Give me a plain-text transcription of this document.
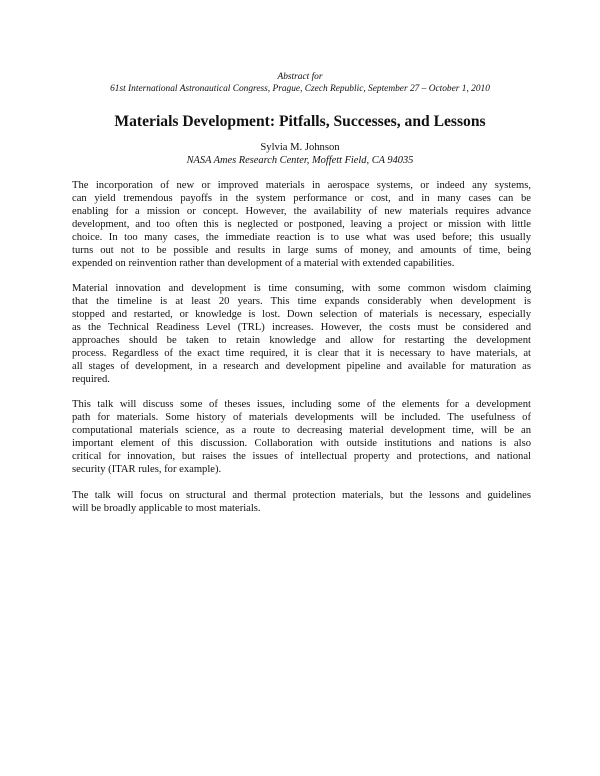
Abstract for
61st International Astronautical Congress, Prague, Czech Republic, September 27 – October 1, 2010
Materials Development: Pitfalls, Successes, and Lessons
Sylvia M. Johnson
NASA Ames Research Center, Moffett Field, CA 94035
The incorporation of new or improved materials in aerospace systems, or indeed any systems,
can yield tremendous payoffs in the system performance or cost, and in many cases can be
enabling for a mission or concept. However, the availability of new materials requires advance
development, and too often this is neglected or postponed, leaving a project or mission with little
choice. In too many cases, the immediate reaction is to use what was used before; this usually
turns out not to be possible and results in large sums of money, and amounts of time, being
expended on reinvention rather than development of a material with extended capabilities.
Material innovation and development is time consuming, with some common wisdom claiming
that the timeline is at least 20 years. This time expands considerably when development is
stopped and restarted, or knowledge is lost. Down selection of materials is necessary, especially
as the Technical Readiness Level (TRL) increases. However, the costs must be considered and
approaches should be taken to retain knowledge and allow for restarting the development
process. Regardless of the exact time required, it is clear that it is necessary to have materials, at
all stages of development, in a research and development pipeline and available for maturation as
required.
This talk will discuss some of theses issues, including some of the elements for a development
path for materials. Some history of materials developments will be included. The usefulness of
computational materials science, as a route to decreasing material development time, will be an
important element of this discussion. Collaboration with outside institutions and nations is also
critical for innovation, but raises the issues of intellectual property and protections, and national
security (ITAR rules, for example).
The talk will focus on structural and thermal protection materials, but the lessons and guidelines
will be broadly applicable to most materials.
